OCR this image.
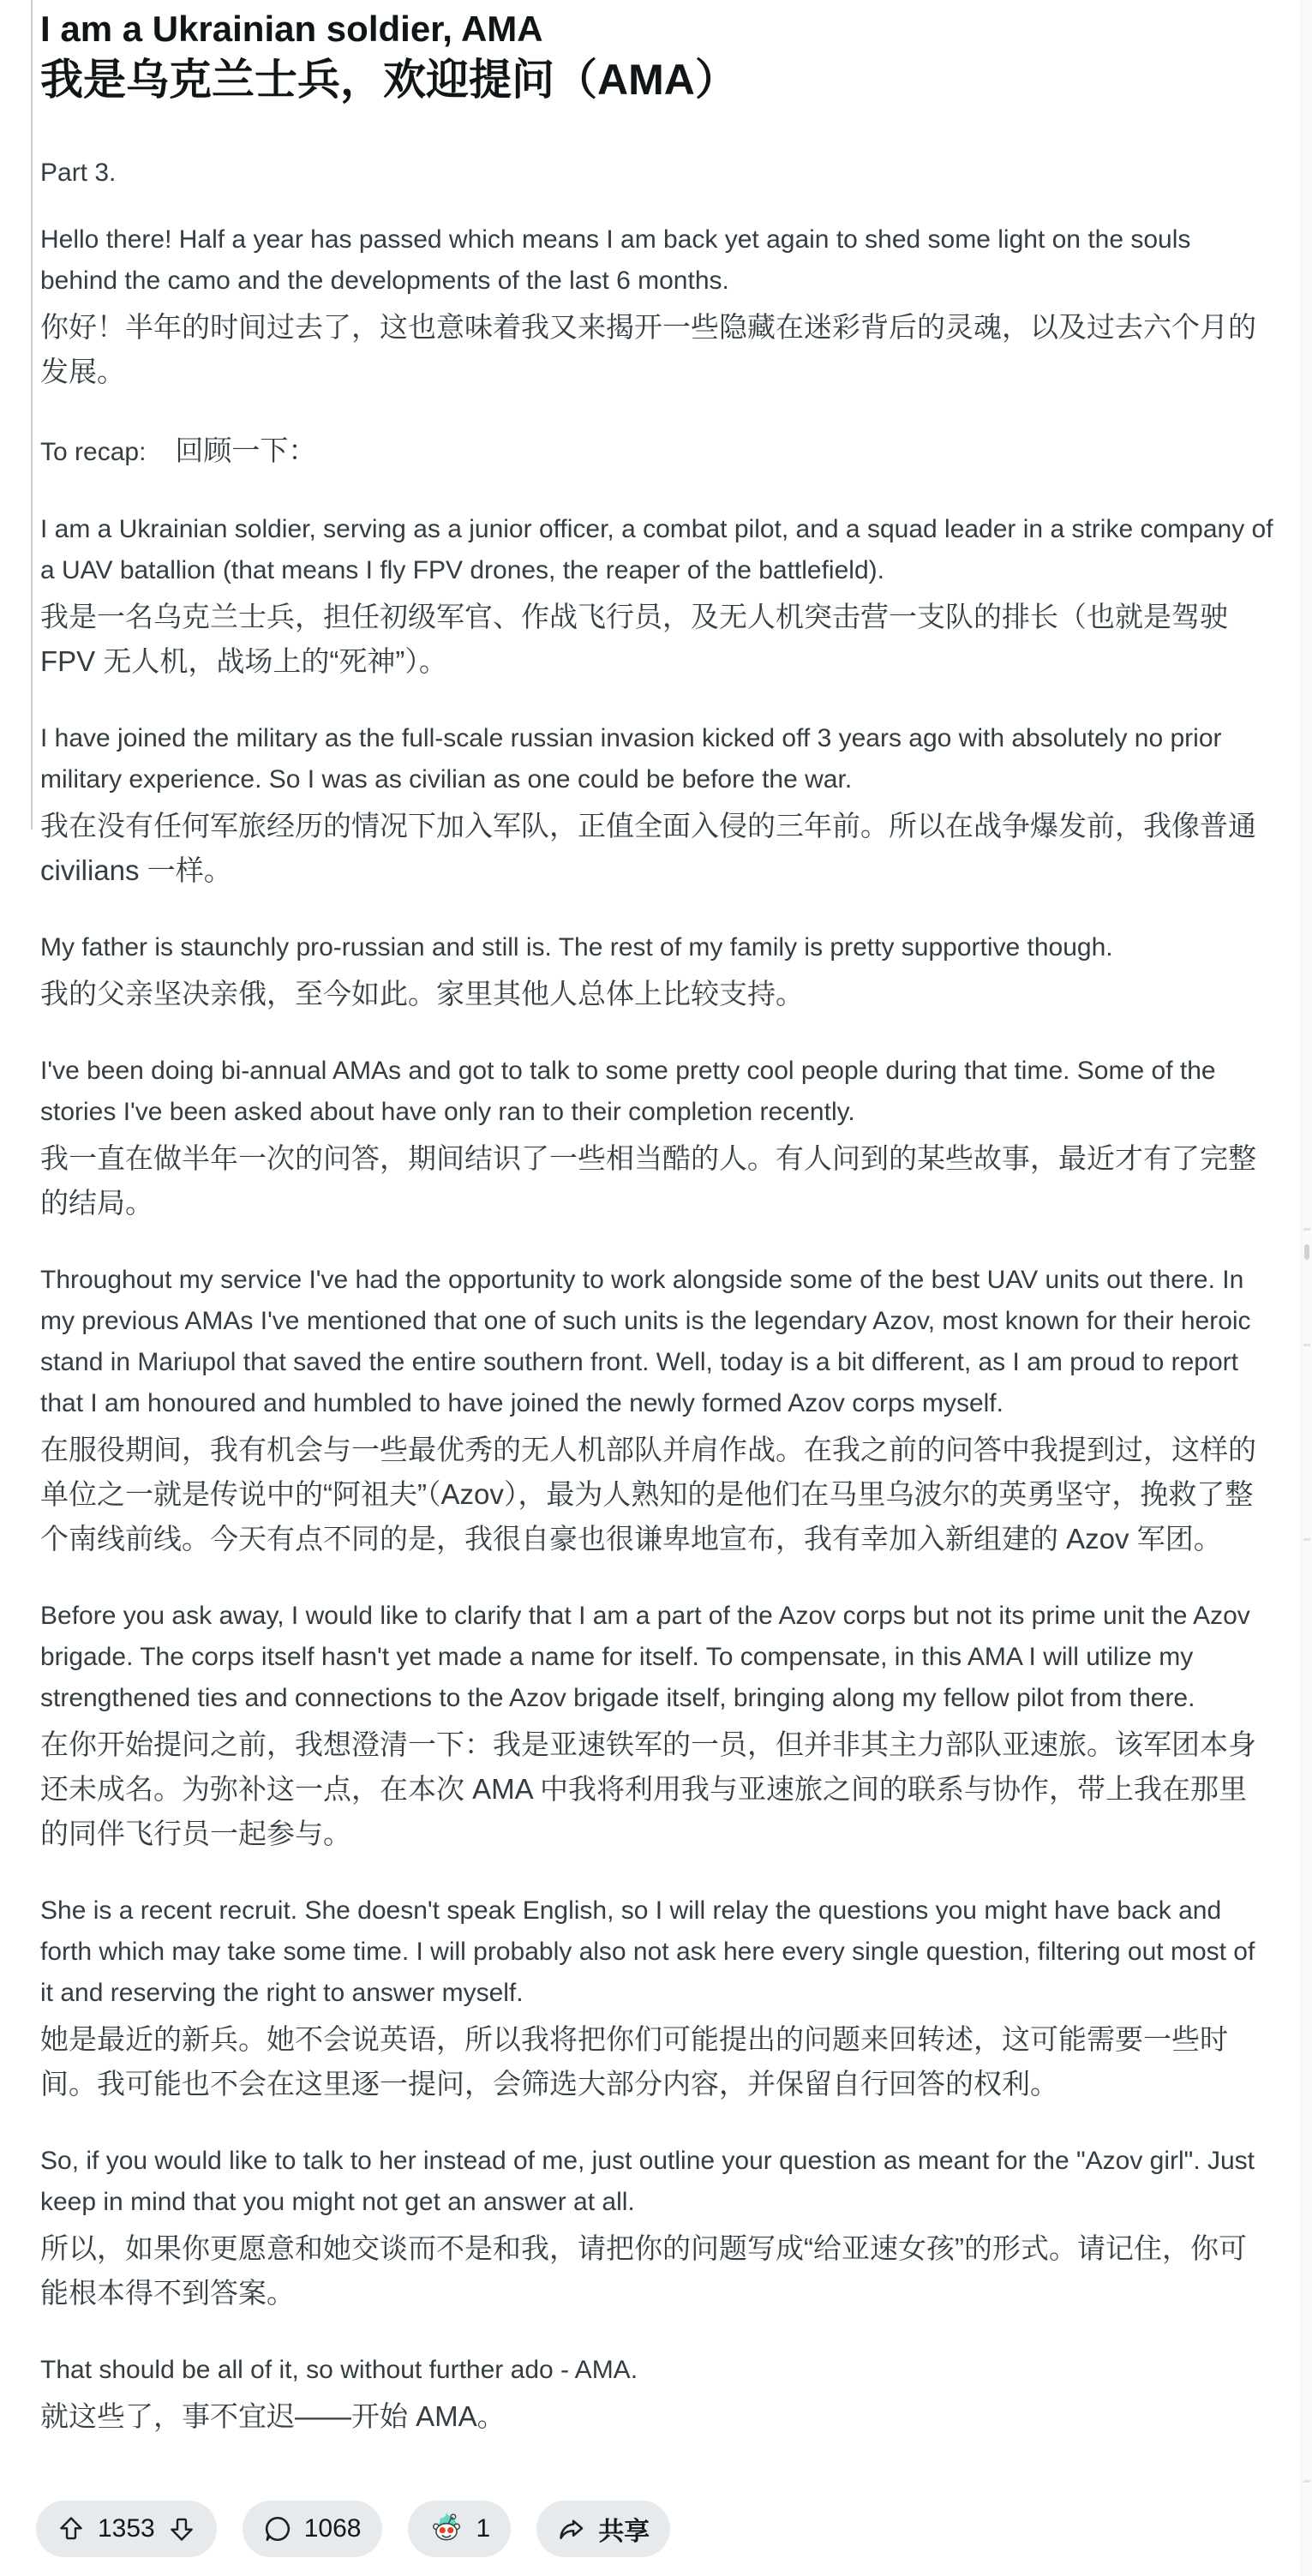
I am a Ukrainian soldier, AMA
我是乌克兰士兵，欢迎提问（AMA）

Part 3.

Hello there! Half a year has passed which means I am back yet again to shed some light on the souls behind the camo and the developments of the last 6 months.

你好！半年的时间过去了，这也意味着我又来揭开一些隐藏在迷彩背后的灵魂，以及过去六个月的发展。

To recap: 回顾一下：

I am a Ukrainian soldier, serving as a junior officer, a combat pilot, and a squad leader in a strike company of a UAV batallion (that means I fly FPV drones, the reaper of the battlefield).

我是一名乌克兰士兵，担任初级军官、作战飞行员，及无人机突击营一支队的排长（也就是驾驶 FPV 无人机，战场上的“死神”）。

I have joined the military as the full-scale russian invasion kicked off 3 years ago with absolutely no prior military experience. So I was as civilian as one could be before the war.

我在没有任何军旅经历的情况下加入军队，正值全面入侵的三年前。所以在战争爆发前，我像普通 civilians 一样。

My father is staunchly pro-russian and still is. The rest of my family is pretty supportive though.

我的父亲坚决亲俄，至今如此。家里其他人总体上比较支持。

I've been doing bi-annual AMAs and got to talk to some pretty cool people during that time. Some of the stories I've been asked about have only ran to their completion recently.

我一直在做半年一次的问答，期间结识了一些相当酷的人。有人问到的某些故事，最近才有了完整的结局。

Throughout my service I've had the opportunity to work alongside some of the best UAV units out there. In my previous AMAs I've mentioned that one of such units is the legendary Azov, most known for their heroic stand in Mariupol that saved the entire southern front. Well, today is a bit different, as I am proud to report that I am honoured and humbled to have joined the newly formed Azov corps myself.

在服役期间，我有机会与一些最优秀的无人机部队并肩作战。在我之前的问答中我提到过，这样的单位之一就是传说中的“阿祖夫”（Azov），最为人熟知的是他们在马里乌波尔的英勇坚守，挽救了整个南线前线。今天有点不同的是，我很自豪也很谦卑地宣布，我有幸加入新组建的 Azov 军团。

Before you ask away, I would like to clarify that I am a part of the Azov corps but not its prime unit the Azov brigade. The corps itself hasn't yet made a name for itself. To compensate, in this AMA I will utilize my strengthened ties and connections to the Azov brigade itself, bringing along my fellow pilot from there.

在你开始提问之前，我想澄清一下：我是亚速铁军的一员，但并非其主力部队亚速旅。该军团本身还未成名。为弥补这一点，在本次 AMA 中我将利用我与亚速旅之间的联系与协作，带上我在那里的同伴飞行员一起参与。

She is a recent recruit. She doesn't speak English, so I will relay the questions you might have back and forth which may take some time. I will probably also not ask here every single question, filtering out most of it and reserving the right to answer myself.

她是最近的新兵。她不会说英语，所以我将把你们可能提出的问题来回转述，这可能需要一些时间。我可能也不会在这里逐一提问，会筛选大部分内容，并保留自行回答的权利。

So, if you would like to talk to her instead of me, just outline your question as meant for the "Azov girl". Just keep in mind that you might not get an answer at all.

所以，如果你更愿意和她交谈而不是和我，请把你的问题写成“给亚速女孩”的形式。请记住，你可能根本得不到答案。

That should be all of it, so without further ado - AMA.

就这些了，事不宜迟——开始 AMA。

1353	1068	1	共享
